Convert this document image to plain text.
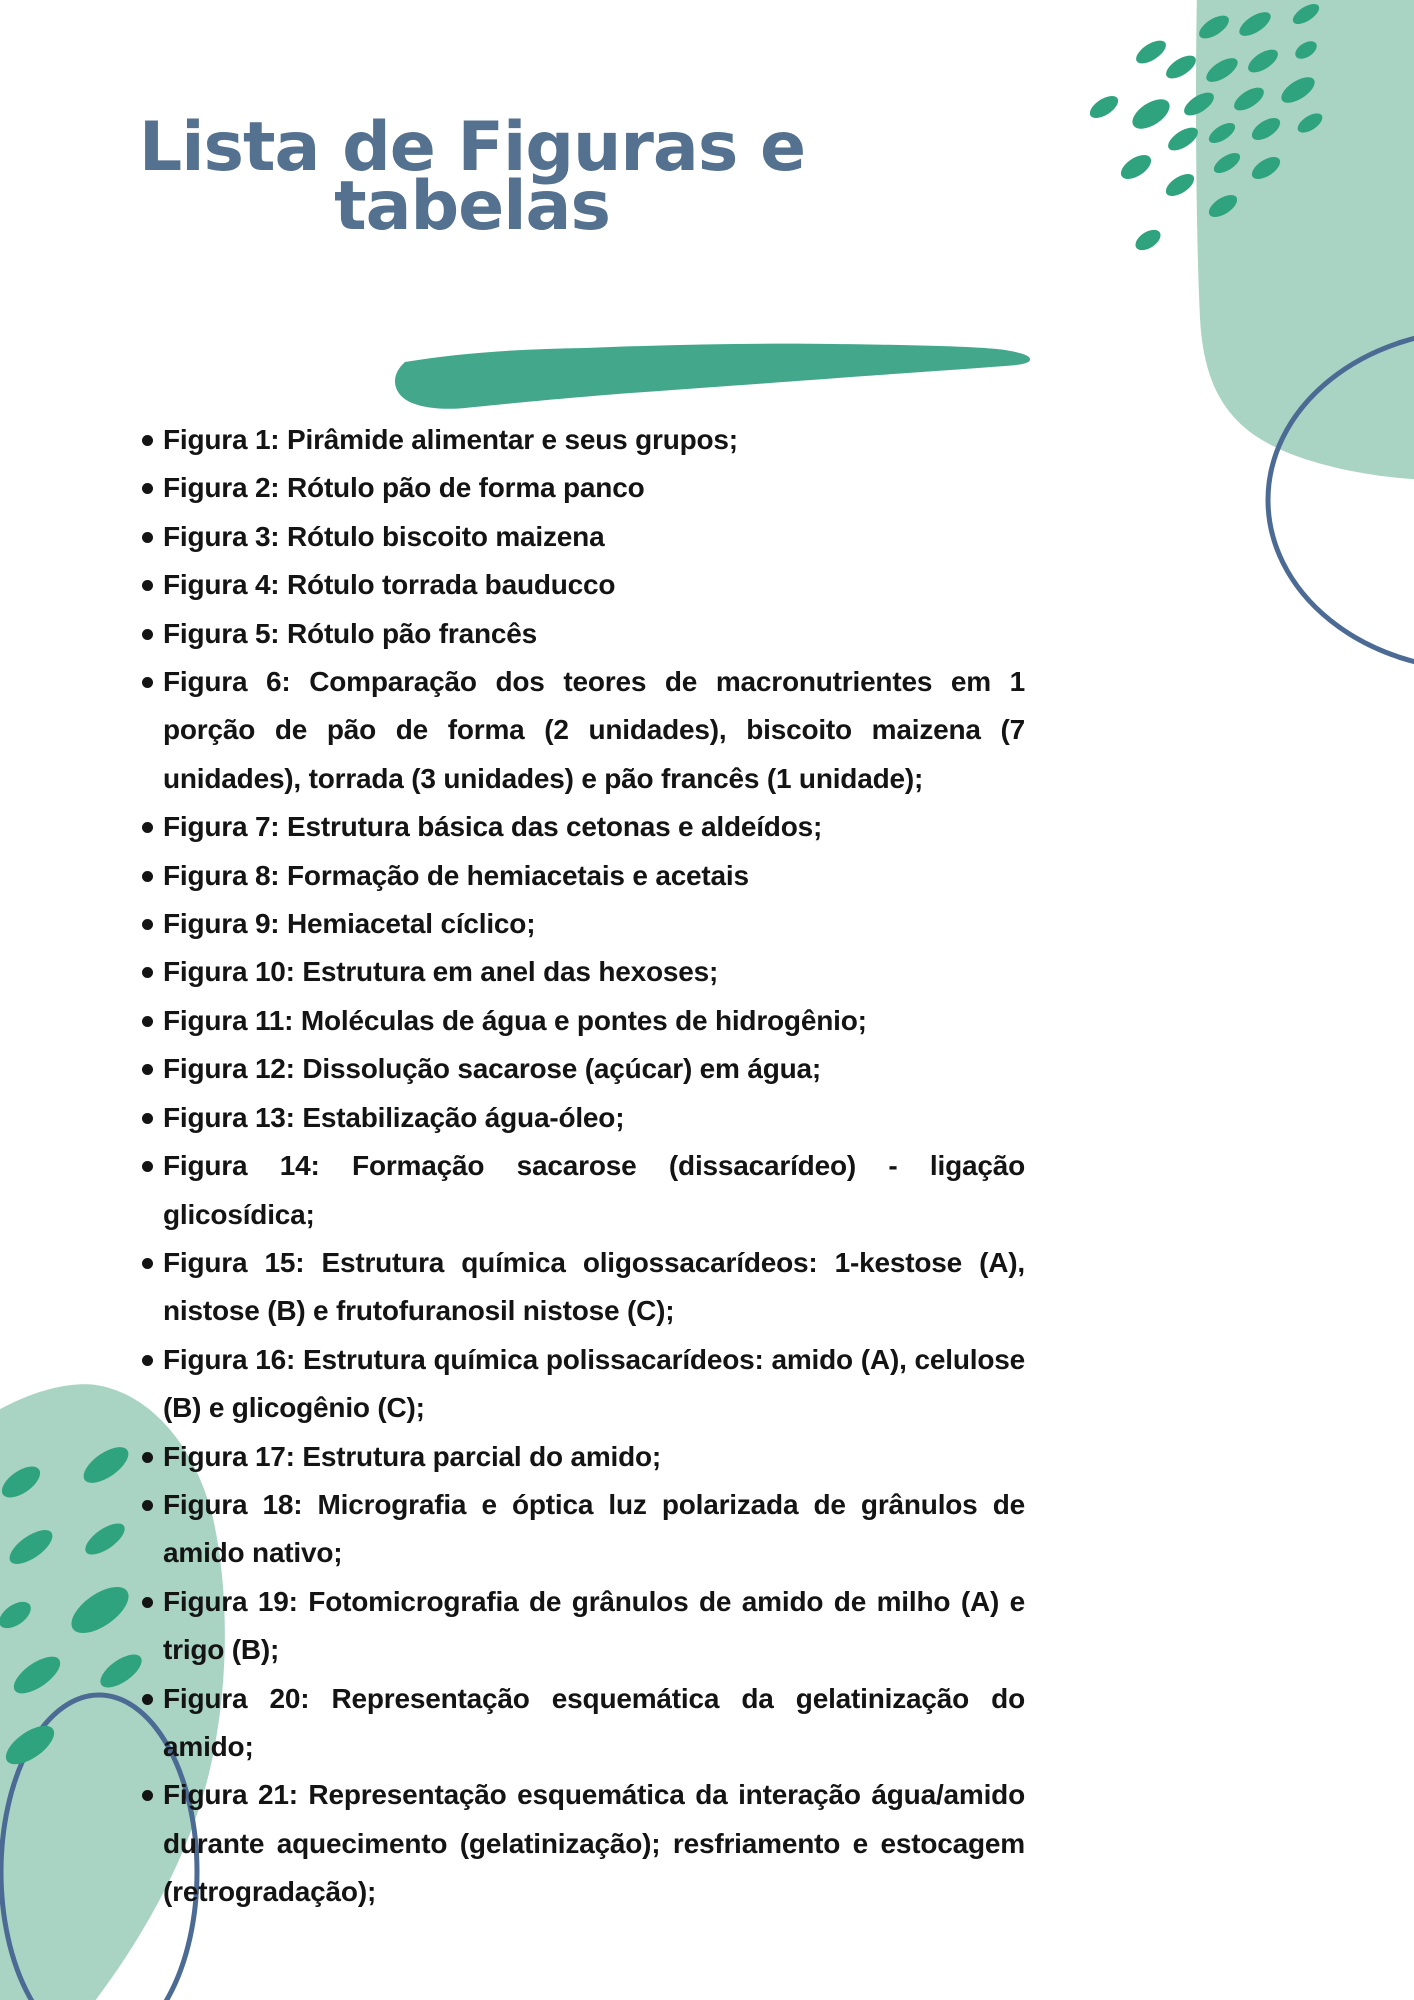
Lista de Figuras e
tabelas
Figura 1: Pirâmide alimentar e seus grupos;
Figura 2: Rótulo pão de forma panco
Figura 3: Rótulo biscoito maizena
Figura 4: Rótulo torrada bauducco
Figura 5: Rótulo pão francês
Figura 6: Comparação dos teores de macronutrientes em 1 porção de pão de forma (2 unidades), biscoito maizena (7 unidades), torrada (3 unidades) e pão francês (1 unidade);
Figura 7: Estrutura básica das cetonas e aldeídos;
Figura 8: Formação de hemiacetais e acetais
Figura 9: Hemiacetal cíclico;
Figura 10: Estrutura em anel das hexoses;
Figura 11: Moléculas de água e pontes de hidrogênio;
Figura 12: Dissolução sacarose (açúcar) em água;
Figura 13: Estabilização água-óleo;
Figura 14: Formação sacarose (dissacarídeo) - ligação glicosídica;
Figura 15: Estrutura química oligossacarídeos: 1-kestose (A), nistose (B) e frutofuranosil nistose (C);
Figura 16: Estrutura química polissacarídeos: amido (A), celulose (B) e glicogênio (C);
Figura 17: Estrutura parcial do amido;
Figura 18: Micrografia e óptica luz polarizada de grânulos de amido nativo;
Figura 19: Fotomicrografia de grânulos de amido de milho (A) e trigo (B);
Figura 20: Representação esquemática da gelatinização do amido;
Figura 21: Representação esquemática da interação água/amido durante aquecimento (gelatinização); resfriamento e estocagem (retrogradação);
